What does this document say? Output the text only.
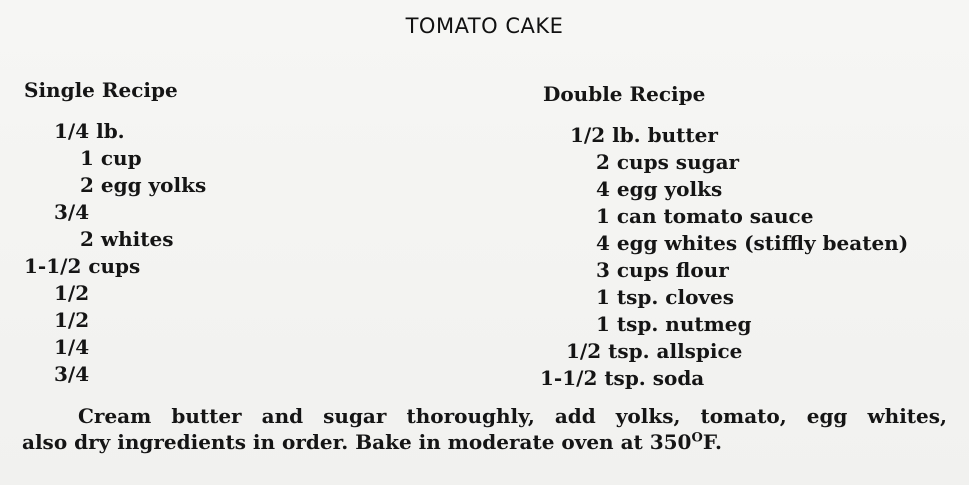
TOMATO CAKE
Single Recipe	Double Recipe
1/4 lb.
1 cup
2 egg yolks
3/4
2 whites
1-1/2 cups
1/2
1/2
1/4
3/4
1/2 lb. butter
2 cups sugar
4 egg yolks
1 can tomato sauce
4 egg whites (stiffly beaten)
3 cups flour
1 tsp. cloves
1 tsp. nutmeg
1/2 tsp. allspice
1-1/2 tsp. soda
Cream butter and sugar thoroughly, add yolks, tomato, egg whites,
also dry ingredients in order. Bake in moderate oven at $350^OF$.
